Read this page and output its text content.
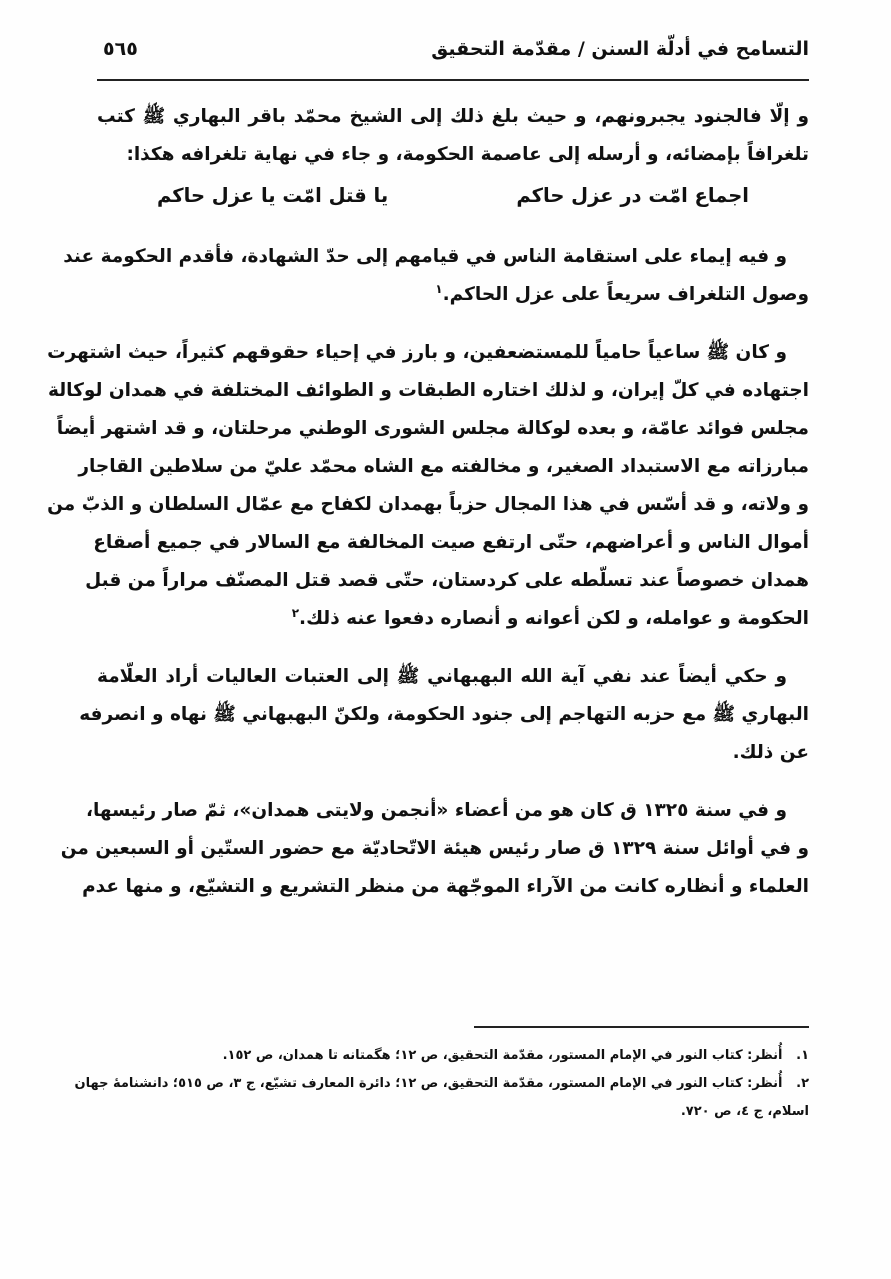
التسامح في أدلّة السنن / مقدّمة التحقيق
٥٦٥
و إلّا فالجنود يجبرونهم، و حيث بلغ ذلك إلى الشيخ محمّد باقر البهاري ﷺ كتب
تلغرافاً بإمضائه، و أرسله إلى عاصمة الحكومة، و جاء في نهاية تلغرافه هكذا:
اجماع امّت در عزل حاكم
يا قتل امّت يا عزل حاكم
و فيه إيماء على استقامة الناس في قيامهم إلى حدّ الشهادة، فأقدم الحكومة عند
وصول التلغراف سريعاً على عزل الحاكم.$^١$
و كان ﷺ ساعياً حامياً للمستضعفين، و بارز في إحياء حقوقهم كثيراً، حيث اشتهرت
اجتهاده في كلّ إيران، و لذلك اختاره الطبقات و الطوائف المختلفة في همدان لوكالة
مجلس فوائد عامّة، و بعده لوكالة مجلس الشورى الوطني مرحلتان، و قد اشتهر أيضاً
مبارزاته مع الاستبداد الصغير، و مخالفته مع الشاه محمّد عليّ من سلاطين القاجار
و ولاته، و قد أسّس في هذا المجال حزباً بهمدان لكفاح مع عمّال السلطان و الذبّ من
أموال الناس و أعراضهم، حتّى ارتفع صيت المخالفة مع السالار في جميع أصقاع
همدان خصوصاً عند تسلّطه على كردستان، حتّى قصد قتل المصنّف مراراً من قبل
الحكومة و عوامله، و لكن أعوانه و أنصاره دفعوا عنه ذلك.$^٢$
و حكي أيضاً عند نفي آية الله البهبهاني ﷺ إلى العتبات العاليات أراد العلّامة
البهاري ﷺ مع حزبه التهاجم إلى جنود الحكومة، ولكنّ البهبهاني ﷺ نهاه و انصرفه
عن ذلك.
و في سنة ١٣٢٥ ق كان هو من أعضاء «أنجمن ولايتى همدان»، ثمّ صار رئيسها،
و في أوائل سنة ١٣٢٩ ق صار رئيس هيئة الاتّحاديّة مع حضور الستّين أو السبعين من
العلماء و أنظاره كانت من الآراء الموجّهة من منظر التشريع و التشيّع، و منها عدم
١. أُنظر: كتاب النور في الإمام المستور، مقدّمة التحقيق، ص ١٢؛ هگمتانه تا همدان، ص ١٥٢.
٢. أُنظر: كتاب النور في الإمام المستور، مقدّمة التحقيق، ص ١٢؛ دائرة المعارف تشيّع، ج ٣، ص ٥١٥؛ دانشنامهٔ جهان
اسلام، ج ٤، ص ٧٢٠.
